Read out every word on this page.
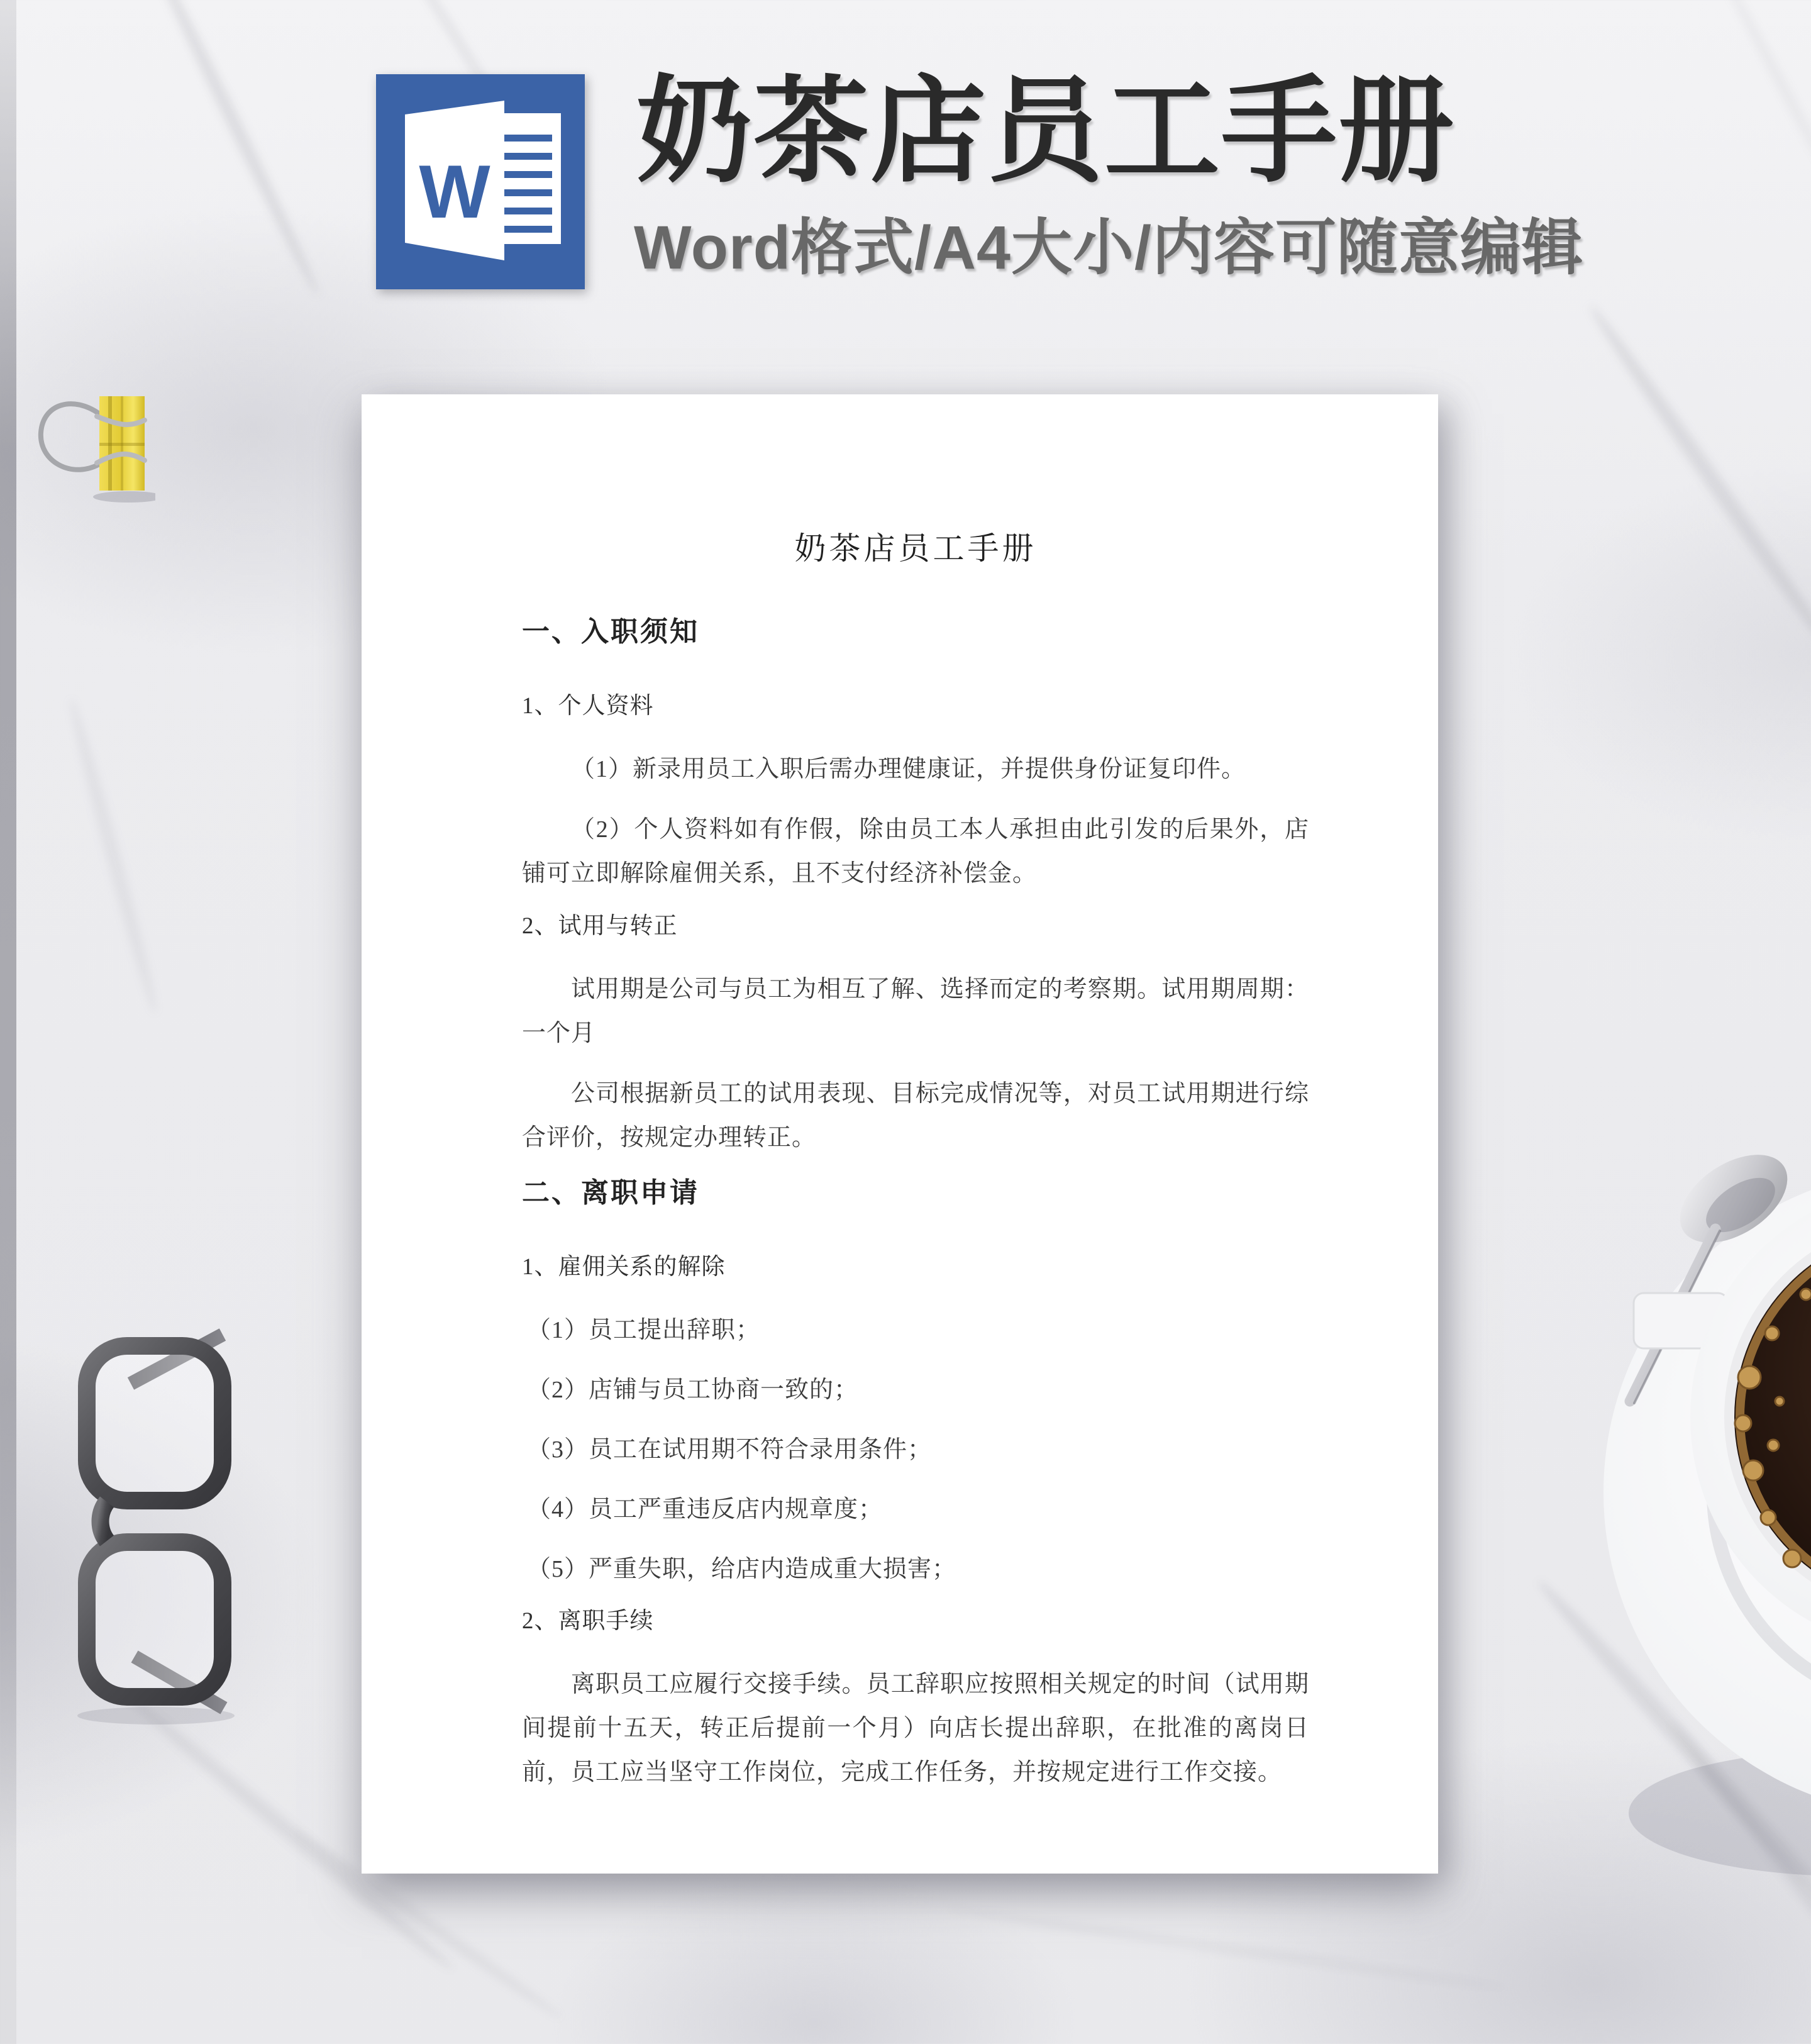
W 奶茶店员工手册
Word格式/A4大小/内容可随意编辑
奶茶店员工手册
一、入职须知
1、个人资料
（1）新录用员工入职后需办理健康证，并提供身份证复印件。
（2）个人资料如有作假，除由员工本人承担由此引发的后果外，店铺可立即解除雇佣关系，且不支付经济补偿金。
2、试用与转正
试用期是公司与员工为相互了解、选择而定的考察期。试用期周期：一个月
公司根据新员工的试用表现、目标完成情况等，对员工试用期进行综合评价，按规定办理转正。
二、离职申请
1、雇佣关系的解除
（1）员工提出辞职；
（2）店铺与员工协商一致的；
（3）员工在试用期不符合录用条件；
（4）员工严重违反店内规章度；
（5）严重失职，给店内造成重大损害；
2、离职手续
离职员工应履行交接手续。员工辞职应按照相关规定的时间（试用期间提前十五天，转正后提前一个月）向店长提出辞职，在批准的离岗日前，员工应当坚守工作岗位，完成工作任务，并按规定进行工作交接。
